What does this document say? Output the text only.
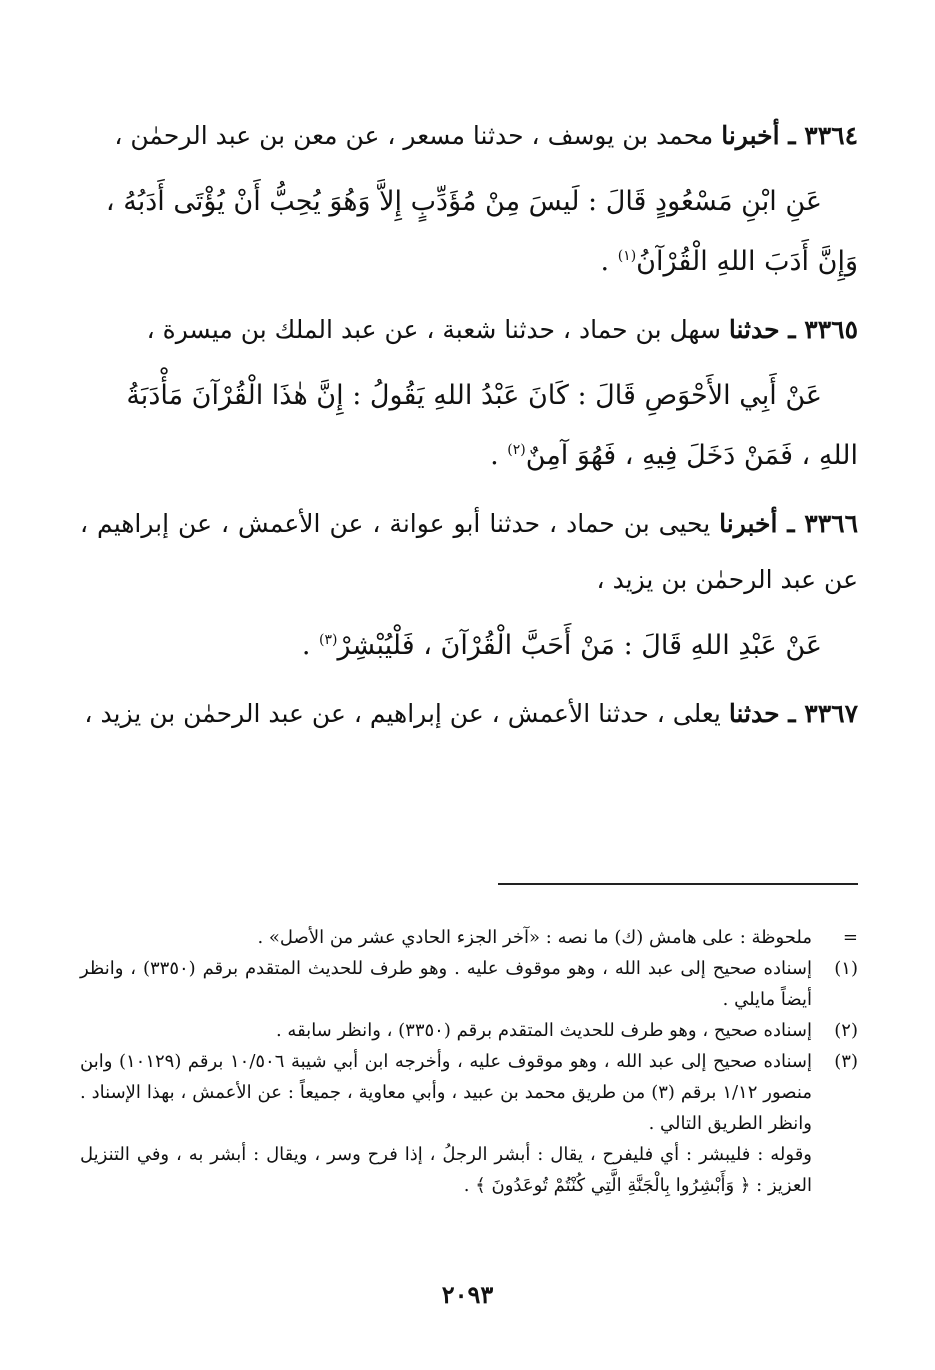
٣٣٦٤ ـ أخبرنا محمد بن يوسف ، حدثنا مسعر ، عن معن بن عبد الرحمٰن ،

عَنِ ابْنِ مَسْعُودٍ قَالَ : لَيسَ مِنْ مُؤَدِّبٍ إِلاَّ وَهُوَ يُحِبُّ أَنْ يُؤْتَى أَدَبُهُ ، وَإِنَّ أَدَبَ اللهِ الْقُرْآنُ$^{(١)}$ .

٣٣٦٥ ـ حدثنا سهل بن حماد ، حدثنا شعبة ، عن عبد الملك بن ميسرة ،

عَنْ أَبِي الأَحْوَصِ قَالَ : كَانَ عَبْدُ اللهِ يَقُولُ : إِنَّ هٰذَا الْقُرْآنَ مَأْدَبَةُ اللهِ ، فَمَنْ دَخَلَ فِيهِ ، فَهُوَ آمِنٌ$^{(٢)}$ .

٣٣٦٦ ـ أخبرنا يحيى بن حماد ، حدثنا أبو عوانة ، عن الأعمش ، عن إبراهيم ، عن عبد الرحمٰن بن يزيد ،

عَنْ عَبْدِ اللهِ قَالَ : مَنْ أَحَبَّ الْقُرْآنَ ، فَلْيُبْشِرْ$^{(٣)}$ .

٣٣٦٧ ـ حدثنا يعلى ، حدثنا الأعمش ، عن إبراهيم ، عن عبد الرحمٰن بن يزيد ،

=
ملحوظة : على هامش (ك) ما نصه : «آخر الجزء الحادي عشر من الأصل» .
(١)
إسناده صحيح إلى عبد الله ، وهو موقوف عليه . وهو طرف للحديث المتقدم برقم (٣٣٥٠) ، وانظر أيضاً مايلي .
(٢)
إسناده صحيح ، وهو طرف للحديث المتقدم برقم (٣٣٥٠) ، وانظر سابقه .
(٣)
إسناده صحيح إلى عبد الله ، وهو موقوف عليه ، وأخرجه ابن أبي شيبة ١٠/٥٠٦ برقم (١٠١٢٩) وابن منصور ١/١٢ برقم (٣) من طريق محمد بن عبيد ، وأبي معاوية ، جميعاً : عن الأعمش ، بهذا الإسناد . وانظر الطريق التالي .
وقوله : فليبشر : أي فليفرح ، يقال : أبشر الرجلُ ، إذا فرح وسر ، ويقال : أبشر به ، وفي التنزيل العزيز : ﴿ وَأَبْشِرُوا بِالْجَنَّةِ الَّتِي كُنْتُمْ تُوعَدُونَ ﴾ .
٢٠٩٣
